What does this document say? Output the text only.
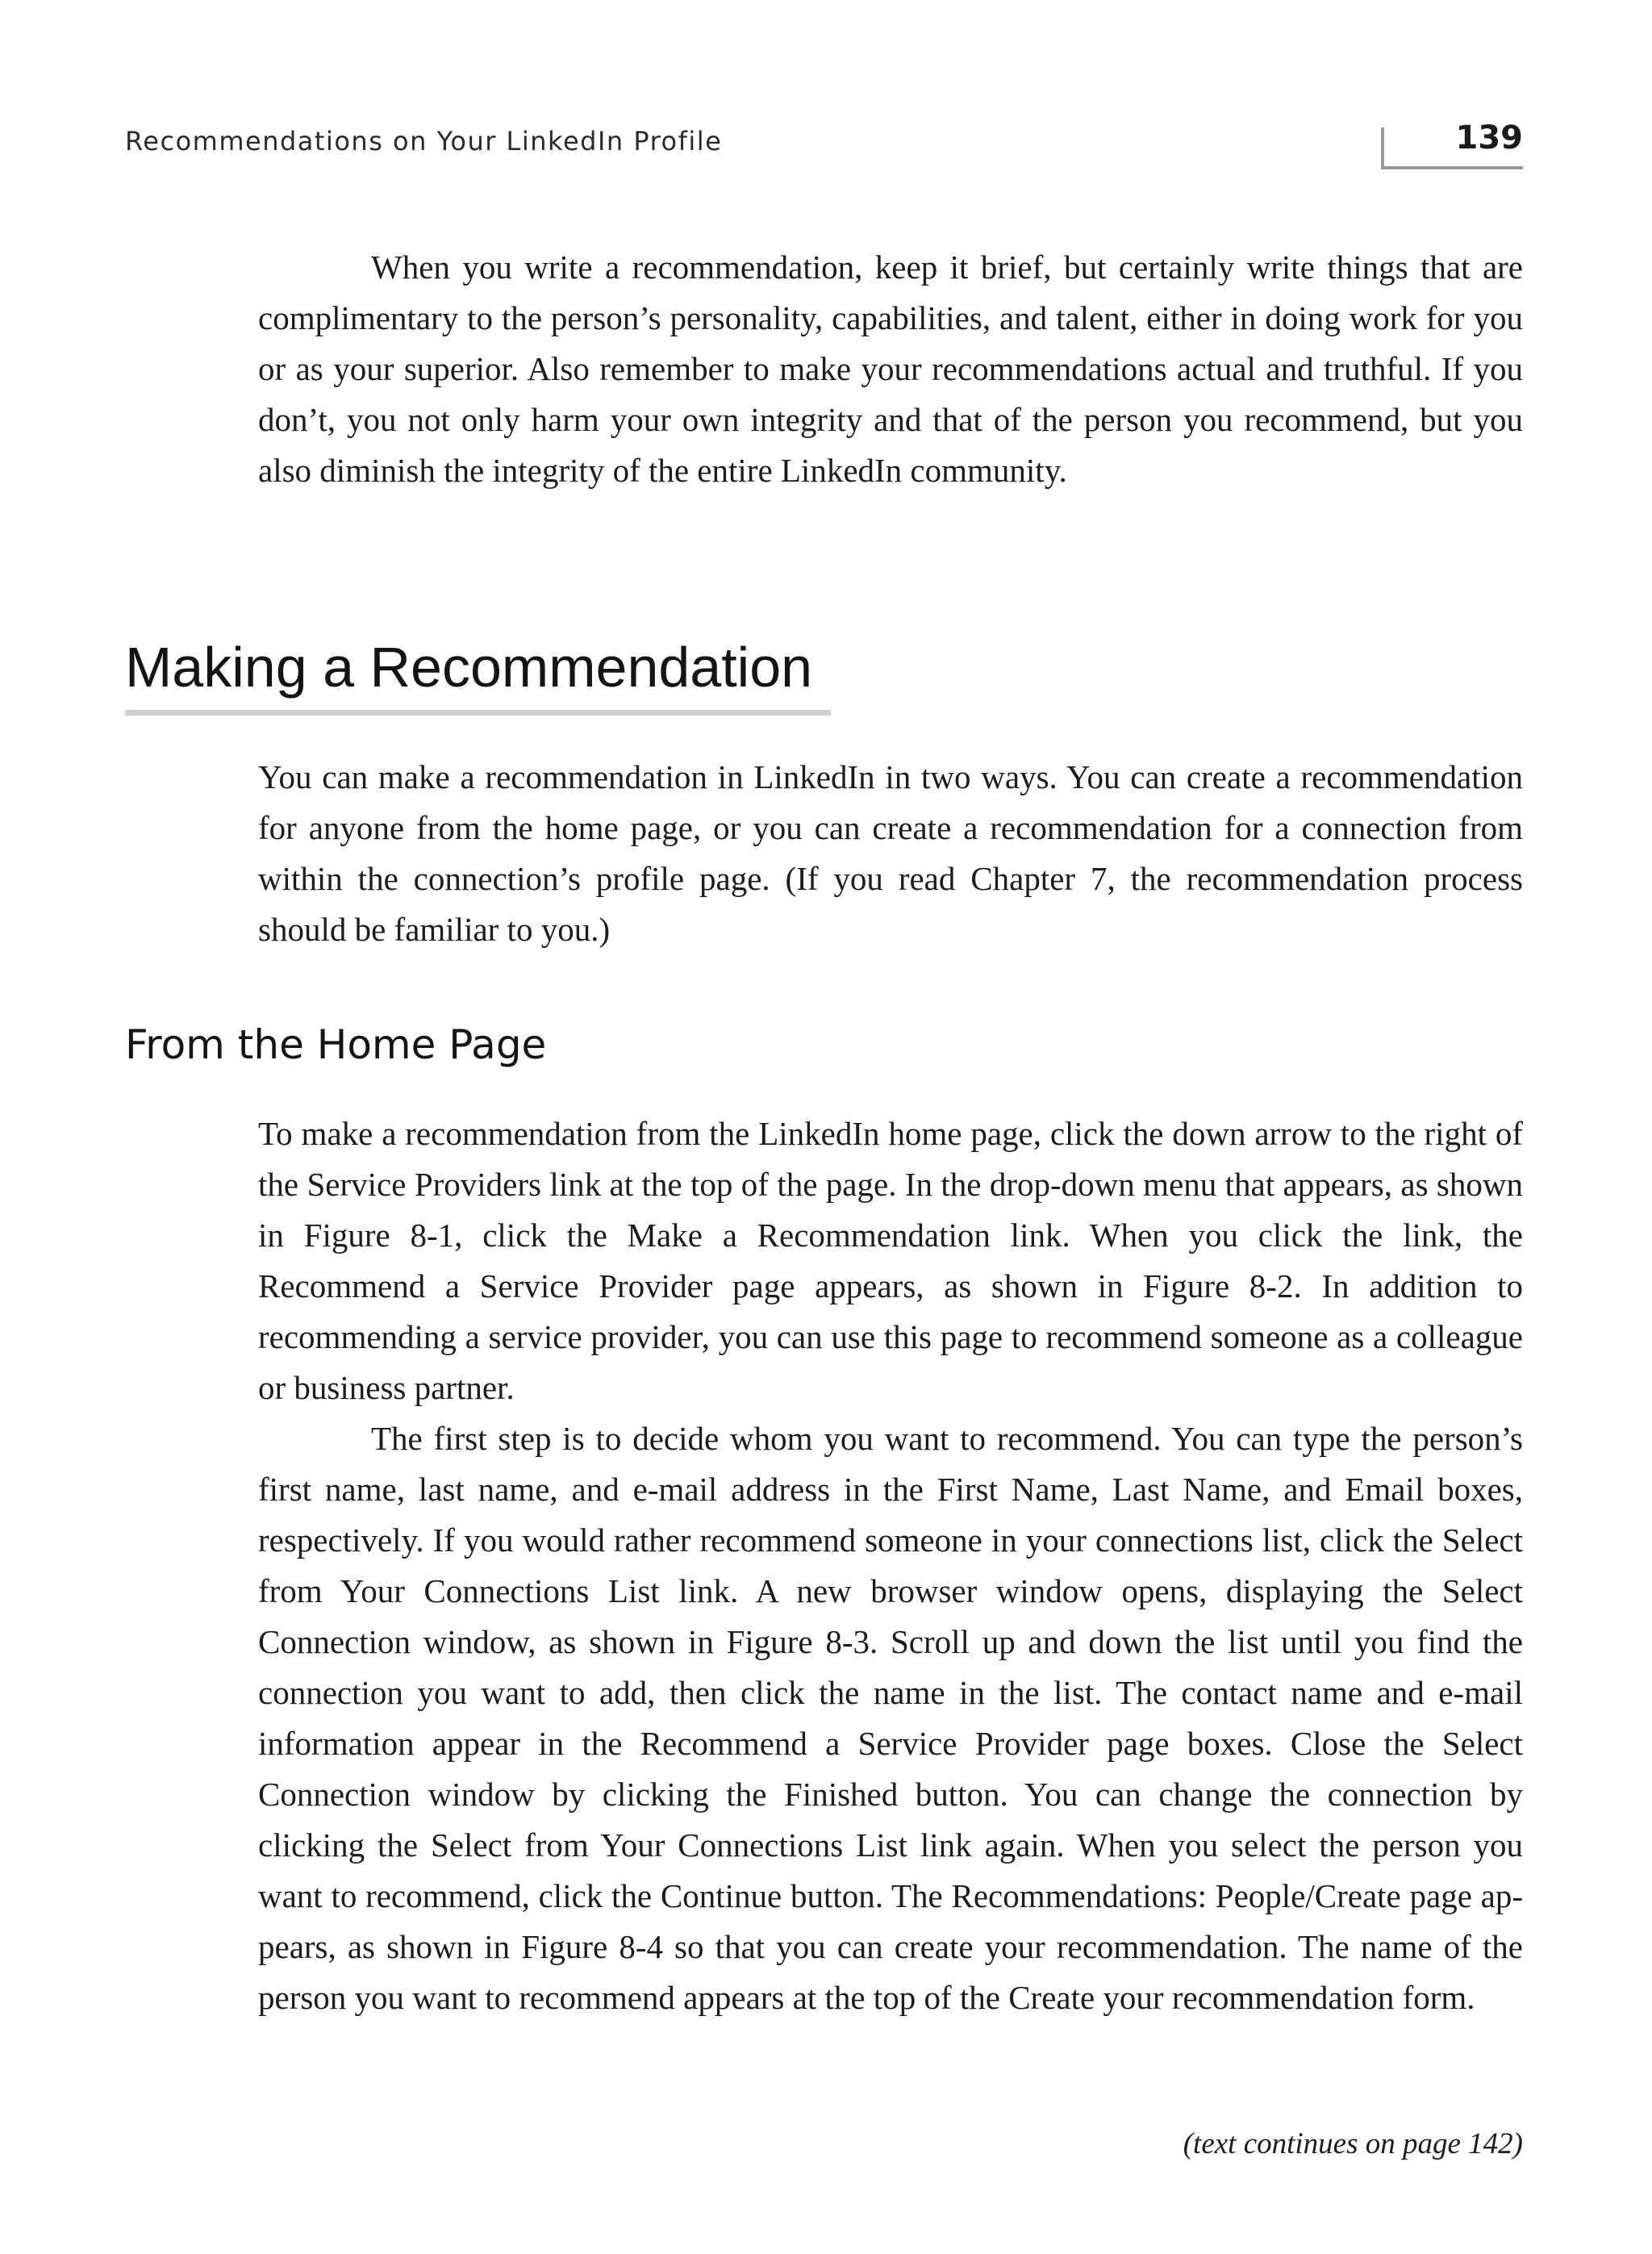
Recommendations on Your LinkedIn Profile	139

When you write a recommendation, keep it brief, but certainly write things that are complimentary to the person’s personality, capabilities, and talent, either in doing work for you or as your superior. Also remember to make your recommendations actual and truthful. If you don’t, you not only harm your own integrity and that of the person you recommend, but you also diminish the integrity of the entire LinkedIn community.

Making a Recommendation

You can make a recommendation in LinkedIn in two ways. You can create a recommendation for anyone from the home page, or you can create a recommendation for a connection from within the connection’s profile page. (If you read Chapter 7, the recommendation process should be familiar to you.)

From the Home Page

To make a recommendation from the LinkedIn home page, click the down arrow to the right of the Service Providers link at the top of the page. In the drop-down menu that appears, as shown in Figure 8-1, click the Make a Recommendation link. When you click the link, the Recommend a Service Provider page appears, as shown in Figure 8-2. In addition to recommending a service provider, you can use this page to recommend someone as a colleague or business partner.

The first step is to decide whom you want to recommend. You can type the person’s first name, last name, and e-mail address in the First Name, Last Name, and Email boxes, respectively. If you would rather recommend someone in your connections list, click the Select from Your Connections List link. A new browser window opens, displaying the Select Connection window, as shown in Figure 8-3. Scroll up and down the list until you find the connection you want to add, then click the name in the list. The contact name and e-mail information appear in the Recommend a Service Provider page boxes. Close the Select Connection window by clicking the Finished button. You can change the connection by clicking the Select from Your Connections List link again. When you select the person you want to recommend, click the Continue button. The Recommendations: People/Create page appears, as shown in Figure 8-4 so that you can create your recommendation. The name of the person you want to recommend appears at the top of the Create your recommendation form.

(text continues on page 142)
